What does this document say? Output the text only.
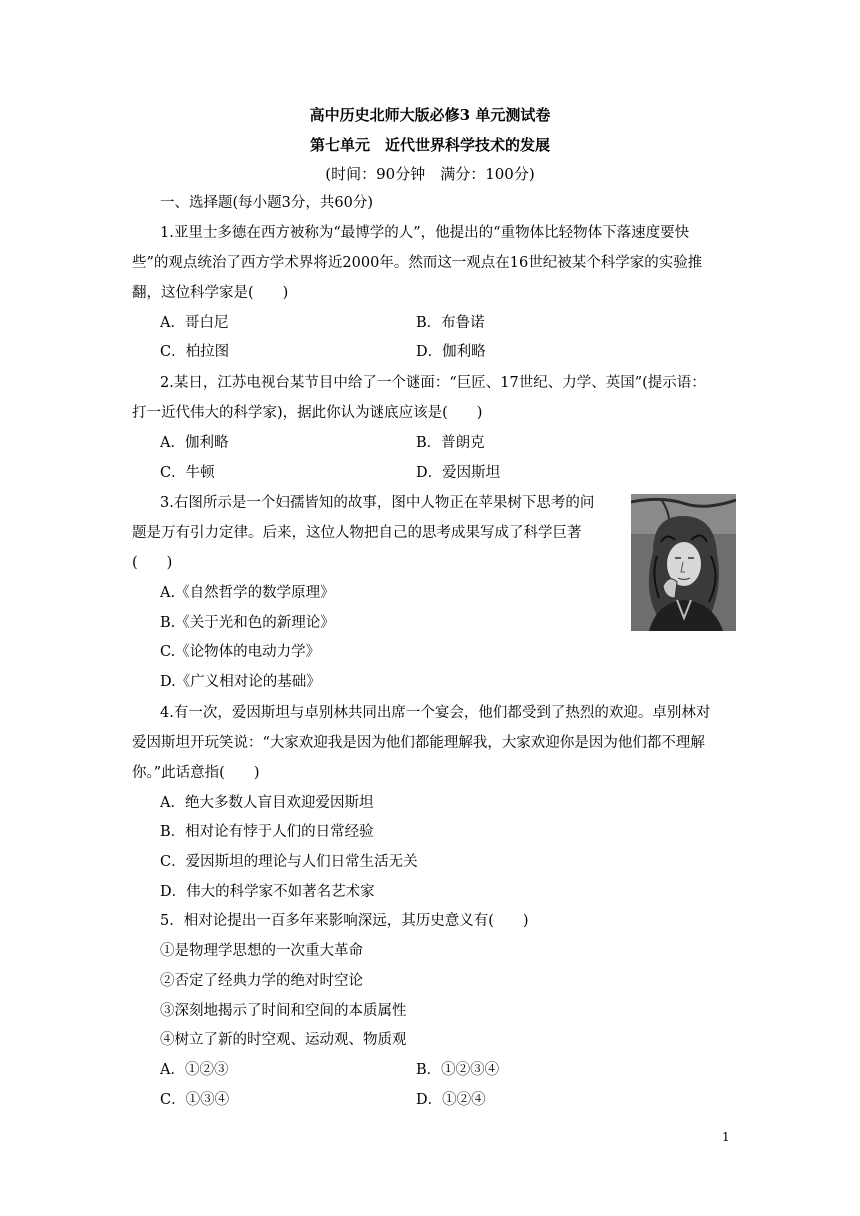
高中历史北师大版必修3 单元测试卷
第七单元　近代世界科学技术的发展
(时间：90分钟　满分：100分)
一、选择题(每小题3分，共60分)
1.亚里士多德在西方被称为“最博学的人”，他提出的“重物体比轻物体下落速度要快
些”的观点统治了西方学术界将近2000年。然而这一观点在16世纪被某个科学家的实验推
翻，这位科学家是(　　)
A．哥白尼	B．布鲁诺
C．柏拉图	D．伽利略
2.某日，江苏电视台某节目中给了一个谜面：“巨匠、17世纪、力学、英国”(提示语：
打一近代伟大的科学家)，据此你认为谜底应该是(　　)
A．伽利略	B．普朗克
C．牛顿	D．爱因斯坦
3.右图所示是一个妇孺皆知的故事，图中人物正在苹果树下思考的问
题是万有引力定律。后来，这位人物把自己的思考成果写成了科学巨著
(　　)
A.《自然哲学的数学原理》
B.《关于光和色的新理论》
C.《论物体的电动力学》
D.《广义相对论的基础》
4.有一次，爱因斯坦与卓别林共同出席一个宴会，他们都受到了热烈的欢迎。卓别林对
爱因斯坦开玩笑说：“大家欢迎我是因为他们都能理解我，大家欢迎你是因为他们都不理解
你。”此话意指(　　)
A．绝大多数人盲目欢迎爱因斯坦
B．相对论有悖于人们的日常经验
C．爱因斯坦的理论与人们日常生活无关
D．伟大的科学家不如著名艺术家
5．相对论提出一百多年来影响深远，其历史意义有(　　)
①是物理学思想的一次重大革命
②否定了经典力学的绝对时空论
③深刻地揭示了时间和空间的本质属性
④树立了新的时空观、运动观、物质观
A．①②③	B．①②③④
C．①③④	D．①②④
1
